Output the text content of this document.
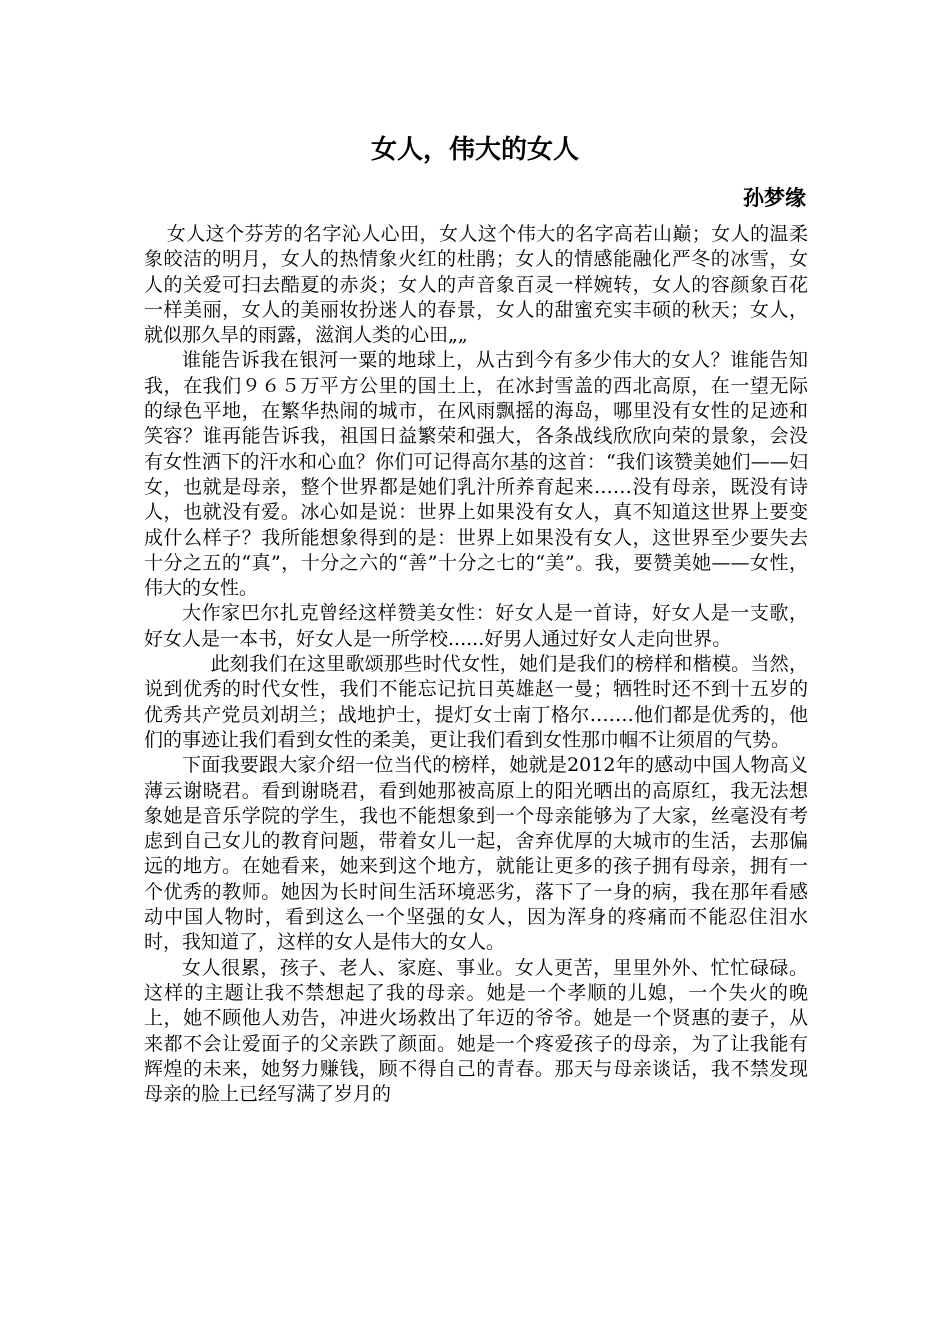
女人，伟大的女人
孙梦缘

女人这个芬芳的名字沁人心田，女人这个伟大的名字高若山巅；女人的温柔象皎洁的明月，女人的热情象火红的杜鹃；女人的情感能融化严冬的冰雪，女人的关爱可扫去酷夏的赤炎；女人的声音象百灵一样婉转，女人的容颜象百花一样美丽，女人的美丽妆扮迷人的春景，女人的甜蜜充实丰硕的秋天；女人，就似那久旱的雨露，滋润人类的心田„„

谁能告诉我在银河一粟的地球上，从古到今有多少伟大的女人？谁能告知我，在我们９６５万平方公里的国土上，在冰封雪盖的西北高原，在一望无际的绿色平地，在繁华热闹的城市，在风雨飘摇的海岛，哪里没有女性的足迹和笑容？谁再能告诉我，祖国日益繁荣和强大，各条战线欣欣向荣的景象，会没有女性洒下的汗水和心血？你们可记得高尔基的这首：“我们该赞美她们——妇女，也就是母亲，整个世界都是她们乳汁所养育起来……没有母亲，既没有诗人，也就没有爱。冰心如是说：世界上如果没有女人，真不知道这世界上要变成什么样子？我所能想象得到的是：世界上如果没有女人，这世界至少要失去十分之五的“真”，十分之六的“善”十分之七的“美”。我，要赞美她——女性，伟大的女性。

大作家巴尔扎克曾经这样赞美女性：好女人是一首诗，好女人是一支歌，好女人是一本书，好女人是一所学校......好男人通过好女人走向世界。

此刻我们在这里歌颂那些时代女性，她们是我们的榜样和楷模。当然，说到优秀的时代女性，我们不能忘记抗日英雄赵一曼；牺牲时还不到十五岁的优秀共产党员刘胡兰；战地护士，提灯女士南丁格尔…….他们都是优秀的，他们的事迹让我们看到女性的柔美，更让我们看到女性那巾帼不让须眉的气势。

下面我要跟大家介绍一位当代的榜样，她就是2012年的感动中国人物高义薄云谢晓君。看到谢晓君，看到她那被高原上的阳光晒出的高原红，我无法想象她是音乐学院的学生，我也不能想象到一个母亲能够为了大家，丝毫没有考虑到自己女儿的教育问题，带着女儿一起，舍弃优厚的大城市的生活，去那偏远的地方。在她看来，她来到这个地方，就能让更多的孩子拥有母亲，拥有一个优秀的教师。她因为长时间生活环境恶劣，落下了一身的病，我在那年看感动中国人物时，看到这么一个坚强的女人，因为浑身的疼痛而不能忍住泪水时，我知道了，这样的女人是伟大的女人。

女人很累，孩子、老人、家庭、事业。女人更苦，里里外外、忙忙碌碌。这样的主题让我不禁想起了我的母亲。她是一个孝顺的儿媳，一个失火的晚上，她不顾他人劝告，冲进火场救出了年迈的爷爷。她是一个贤惠的妻子，从来都不会让爱面子的父亲跌了颜面。她是一个疼爱孩子的母亲，为了让我能有辉煌的未来，她努力赚钱，顾不得自己的青春。那天与母亲谈话，我不禁发现母亲的脸上已经写满了岁月的
